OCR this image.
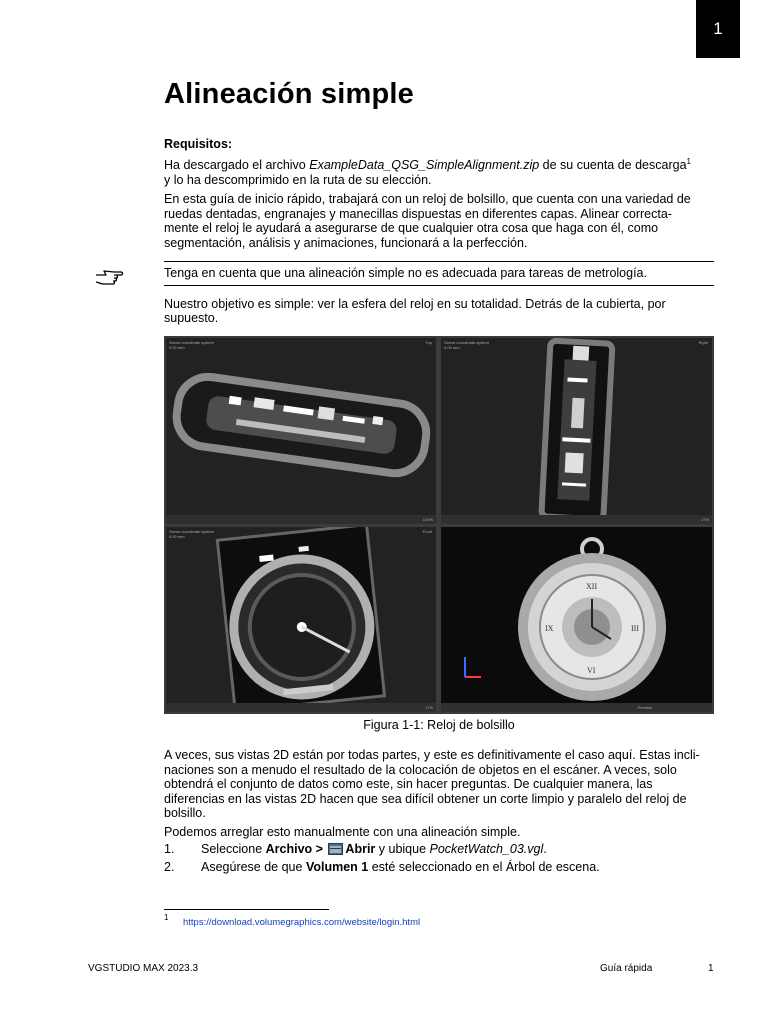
1
Alineación simple

Requisitos:

Ha descargado el archivo ExampleData_QSG_SimpleAlignment.zip de su cuenta de descarga$^1$

y lo ha descomprimido en la ruta de su elección.

En esta guía de inicio rápido, trabajará con un reloj de bolsillo, que cuenta con una variedad de

ruedas dentadas, engranajes y manecillas dispuestas en diferentes capas. Alinear correcta-

mente el reloj le ayudará a asegurarse de que cualquier otra cosa que haga con él, como

segmentación, análisis y animaciones, funcionará a la perfección.

Tenga en cuenta que una alineación simple no es adecuada para tareas de metrología.

Nuestro objetivo es simple: ver la esfera del reloj en su totalidad. Detrás de la cubierta, por

supuesto.

Scene coordinate system
0.00 mm
Top
100%
Scene coordinate system
0.00 mm
Right
17%
Scene coordinate system
0.00 mm
Front
17%
XII
III
VI
IX
Preview
Figura 1-1: Reloj de bolsillo

A veces, sus vistas 2D están por todas partes, y este es definitivamente el caso aquí. Estas incli-

naciones son a menudo el resultado de la colocación de objetos en el escáner. A veces, solo

obtendrá el conjunto de datos como este, sin hacer preguntas. De cualquier manera, las

diferencias en las vistas 2D hacen que sea difícil obtener un corte limpio y paralelo del reloj de

bolsillo.

Podemos arreglar esto manualmente con una alineación simple.

1. Seleccione Archivo >
Abrir y ubique PocketWatch_03.vgl.
2. Asegúrese de que Volumen 1 esté seleccionado en el Árbol de escena.
1 https://download.volumegraphics.com/website/login.html
VGSTUDIO MAX 2023.3	Guía rápida	1
